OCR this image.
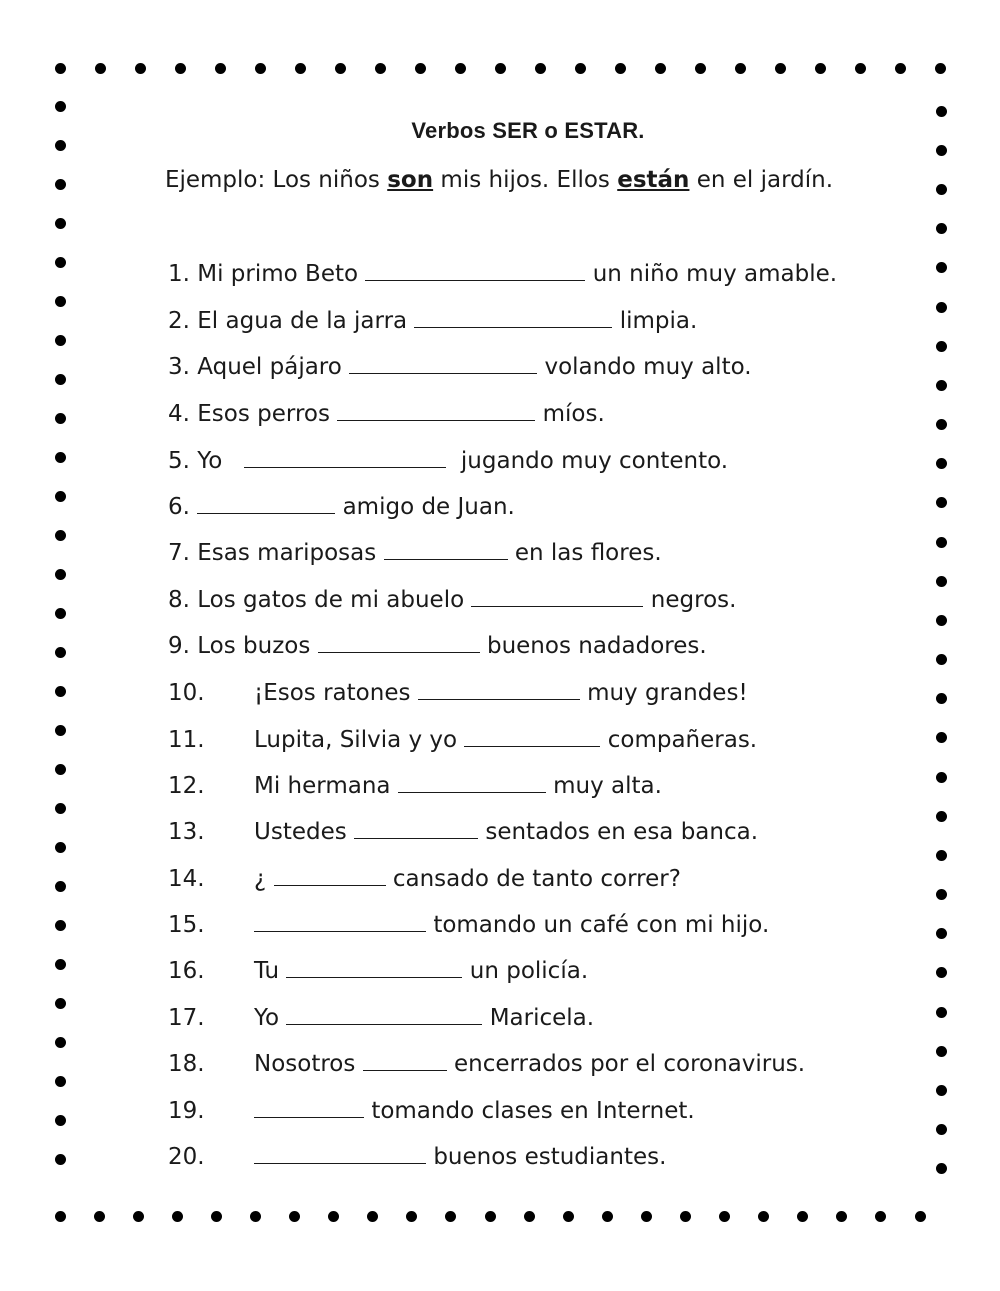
Verbos SER o ESTAR.
Ejemplo: Los niños son mis hijos. Ellos están en el jardín.
1. Mi primo Beto	un niño muy amable.
2. El agua de la jarra	limpia.
3. Aquel pájaro	volando muy alto.
4. Esos perros	míos.
5. Yo	jugando muy contento.
6.	amigo de Juan.
7. Esas mariposas	en las flores.
8. Los gatos de mi abuelo	negros.
9. Los buzos	buenos nadadores.
10. ¡Esos ratones	muy grandes!
11. Lupita, Silvia y yo	compañeras.
12. Mi hermana	muy alta.
13. Ustedes	sentados en esa banca.
14. ¿	cansado de tanto correr?
15.	tomando un café con mi hijo.
16. Tu	un policía.
17. Yo	Maricela.
18. Nosotros	encerrados por el coronavirus.
19.	tomando clases en Internet.
20.	buenos estudiantes.
